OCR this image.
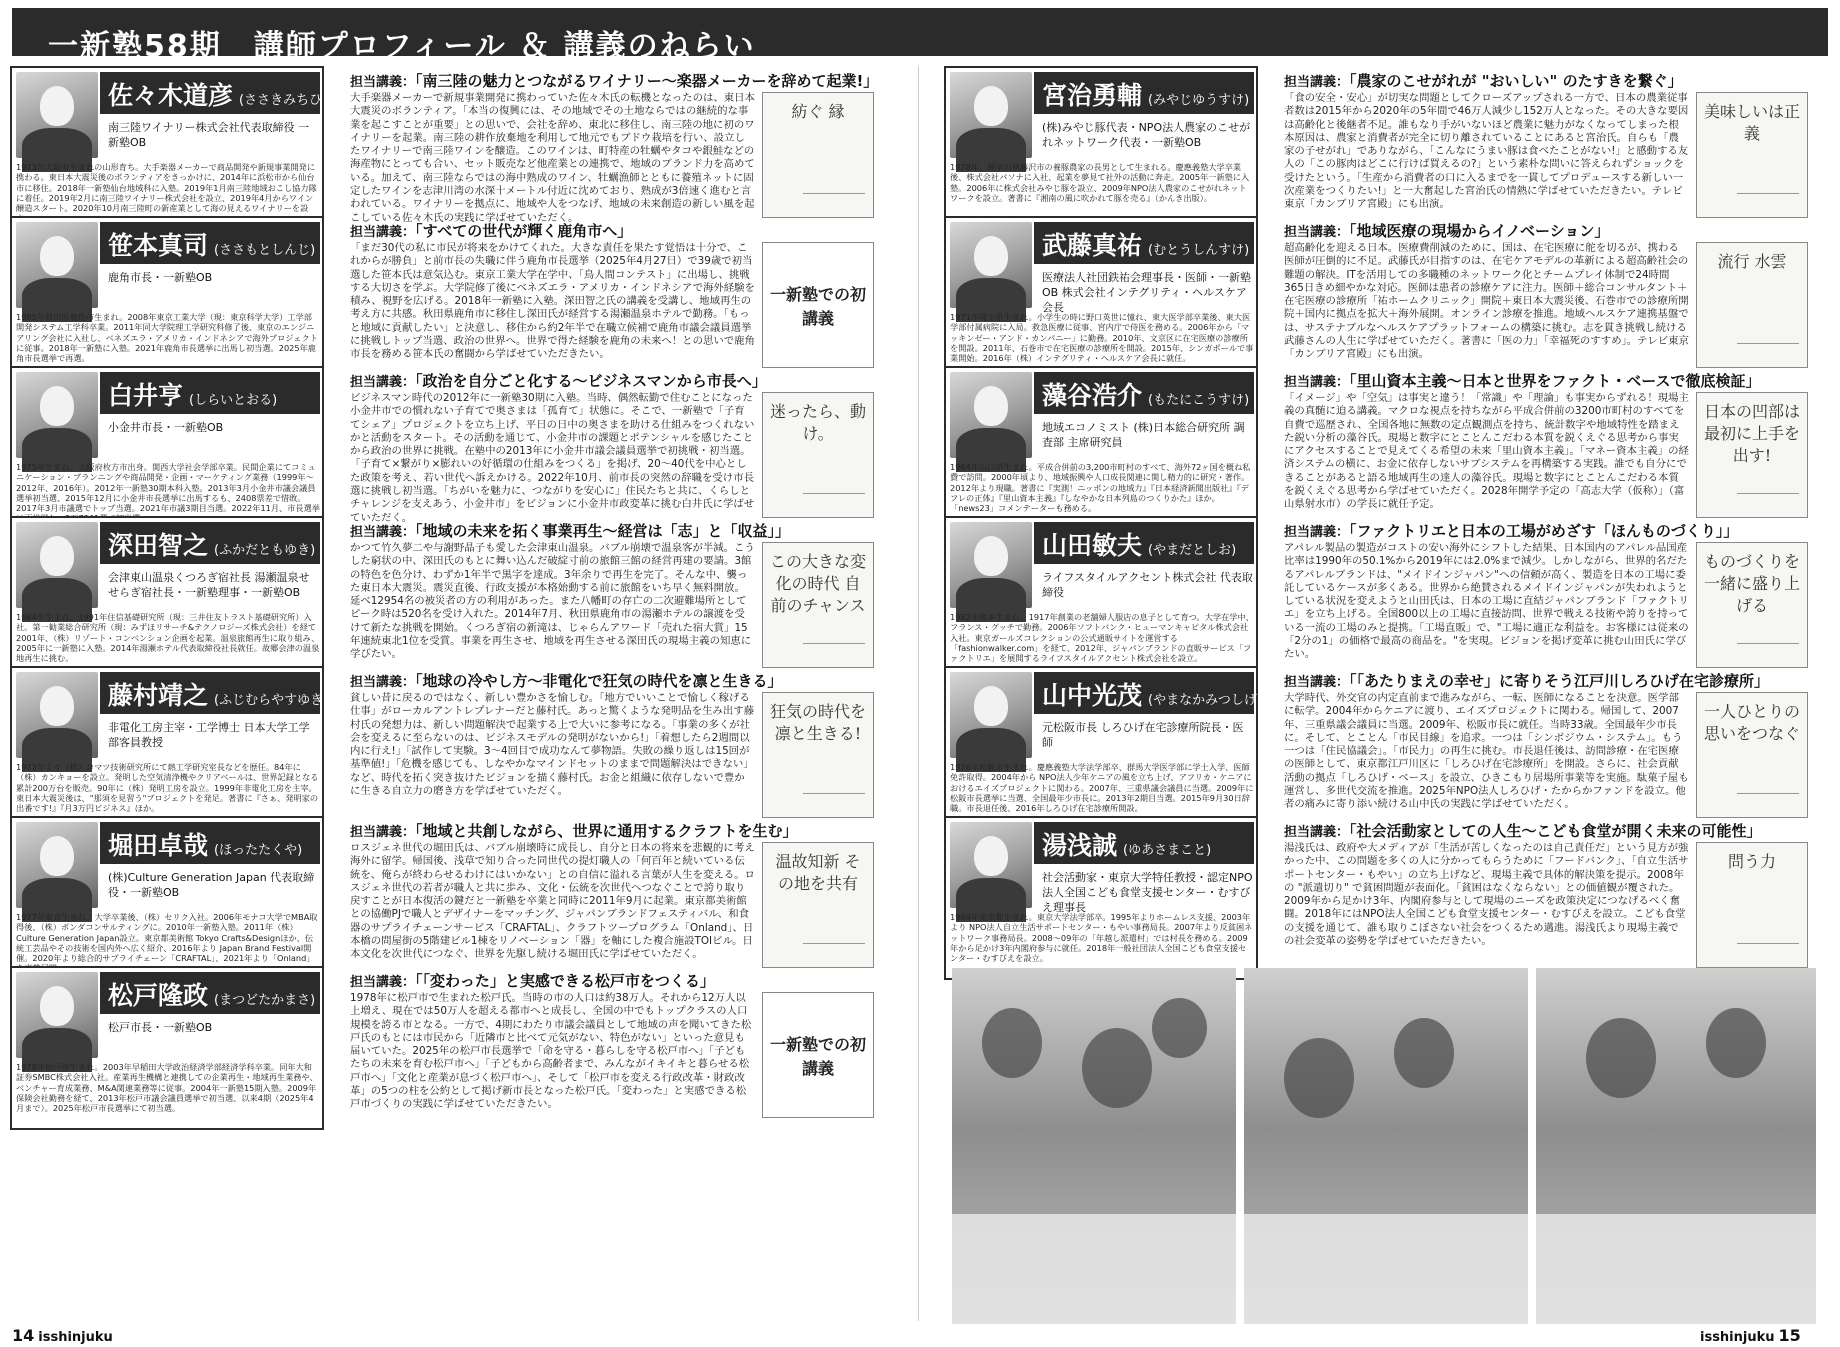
一新塾58期　講師プロフィール ＆ 講義のねらい
佐々木道彦 (ささきみちひこ)
南三陸ワイナリー株式会社代表取締役 一新塾OB
1973年大阪府生まれの山形育ち。大手楽器メーカーで商品開発や新規事業開発に携わる。東日本大震災後のボランティアをきっかけに、2014年に浜松市から仙台市に移住。2018年一新塾仙台地域科に入塾。2019年1月南三陸地域おこし協力隊に着任。2019年2月に南三陸ワイナリー株式会社を設立、2019年4月からワイン醸造スタート。2020年10月南三陸町の新産業として海の見えるワイナリーを設
担当講義：「南三陸の魅力とつながるワイナリー～楽器メーカーを辞めて起業!」
大手楽器メーカーで新規事業開発に携わっていた佐々木氏の転機となったのは、東日本大震災のボランティア。「本当の復興には、その地域でその土地ならではの継続的な事業を起こすことが重要」との思いで、会社を辞め、東北に移住し、南三陸の地に初のワイナリーを起業。南三陸の耕作放棄地を利用して地元でもブドウ栽培を行い、設立したワイナリーで南三陸ワインを醸造。このワインは、町特産の牡蠣やタコや銀鮭などの海産物にとっても合い、セット販売など他産業との連携で、地域のブランド力を高めている。加えて、南三陸ならではの海中熟成のワイン、牡蠣漁師とともに養殖ネットに固定したワインを志津川湾の水深十メートル付近に沈めており、熟成が3倍速く進むと言われている。ワイナリーを拠点に、地域や人をつなげ、地域の未来創造の新しい風を起こしている佐々木氏の実践に学ばせていただく。
紡ぐ 縁
笹本真司 (ささもとしんじ)
鹿角市長・一新塾OB
1985年秋田県鹿角市生まれ。2008年東京工業大学（現：東京科学大学）工学部開発システム工学科卒業。2011年同大学院理工学研究科修了後、東京のエンジニアリング会社に入社し、ベネズエラ・アメリカ・インドネシアで海外プロジェクトに従事。2018年一新塾に入塾。2021年鹿角市長選挙に出馬し初当選。2025年鹿角市長選挙で再選。
担当講義：「すべての世代が輝く鹿角市へ」
「まだ30代の私に市民が将来をかけてくれた。大きな責任を果たす覚悟は十分で、これからが勝負」と前市長の失職に伴う鹿角市長選挙（2025年4月27日）で39歳で初当選した笹本氏は意気込む。東京工業大学在学中、「鳥人間コンテスト」に出場し、挑戦する大切さを学ぶ。大学院修了後にベネズエラ・アメリカ・インドネシアで海外経験を積み、視野を広げる。2018年一新塾に入塾。深田智之氏の講義を受講し、地域再生の考え方に共感。秋田県鹿角市に移住し深田氏が経営する湯瀬温泉ホテルで勤務。「もっと地域に貢献したい」と決意し、移住から約2年半で在職立候補で鹿角市議会議員選挙に挑戦しトップ当選、政治の世界へ。世界で得た経験を鹿角の未来へ！との思いで鹿角市長を務める笹本氏の奮闘から学ばせていただきたい。
一新塾での初講義
白井亨 (しらいとおる)
小金井市長・一新塾OB
1975年生まれ。大阪府枚方市出身。関西大学社会学部卒業。民間企業にてコミュニケーション・プランニングや商品開発・企画・マーケティング業務（1999年～2012年、2016年）。2012年一新塾30期本科入塾。2013年3月小金井市議会議員選挙初当選、2015年12月に小金井市長選挙に出馬するも、2408票差で惜敗。2017年3月市議選でトップ当選。2021年市議3期目当選。2022年11月、市長選挙
担当講義：「政治を自分ごと化する～ビジネスマンから市長へ」
ビジネスマン時代の2012年に一新塾30期に入塾。当時、偶然転勤で住むことになった小金井市での慣れない子育てで奥さまは「孤育て」状態に。そこで、一新塾で「子育てシェア」プロジェクトを立ち上げ、平日の日中の奥さまを助ける仕組みをつくれないかと活動をスタート。その活動を通じて、小金井市の課題とポテンシャルを感じたことから政治の世界に挑戦。在塾中の2013年に小金井市議会議員選挙で初挑戦・初当選。「子育て×繋がり×膨れいの好循環の仕組みをつくる」を掲げ、20～40代を中心とした政策を考え、若い世代へ訴えかける。2022年10月、前市長の突然の辞職を受け市長選に挑戦し初当選。「ちがいを魅力に、つながりを安心に」住民たちと共に、くらしとチャレンジを支えあう、小金井市」をビジョンに小金井市政変革に挑む白井氏に学ばせていただく。
迷ったら、動け。
深田智之 (ふかだともゆき)
会津東山温泉くつろぎ宿社長 湯瀬温泉せせらぎ宿社長・一新塾理事・一新塾OB
1964年生まれ。1991年住信基礎研究所（現：三井住友トラスト基礎研究所）入社。第一勧業総合研究所（現：みずほリサーチ&テクノロジーズ株式会社）を経て2001年、（株）リゾート・コンベンション企画を起業。温泉旅館再生に取り組み、2005年に一新塾に入塾。2014年湯瀬ホテル代表取締役社長就任。故郷会津の温泉地再生に挑む。
担当講義：「地域の未来を拓く事業再生～経営は「志」と「収益」」
かつて竹久夢二や与謝野晶子も愛した会津東山温泉。バブル崩壊で温泉客が半減。こうした窮状の中、深田氏のもとに舞い込んだ破綻寸前の旅館三館の経営再建の要請。3館の特色を色分け、わずか1年半で黒字を達成。3年余りで再生を完了。そんな中、襲った東日本大震災。震災直後、行政支援が本格始動する前に旅館をいち早く無料開放。延べ12954名の被災者の方の利用があった。また八幡町の存亡の二次避難場所としてピーク時は520名を受け入れた。2014年7月、秋田県鹿角市の湯瀬ホテルの譲渡を受けて新たな挑戦を開始。くつろぎ宿の新滝は、じゃらんアワード「売れた宿大賞」15年連続東北1位を受賞。事業を再生させ、地域を再生させる深田氏の現場主義の知恵に学びたい。
この大きな変化の時代 自前のチャンス
藤村靖之 (ふじむらやすゆき)
非電化工房主宰・工学博士 日本大学工学部客員教授
1973年より（株）コマツ技術研究所にて熱工学研究室長などを歴任。84年に（株）カンキョーを設立。発明した空気清浄機やクリアベールは、世界記録となる累計200万台を販売。90年に（株）発明工房を設立。1999年非電化工房を主宰。東日本大震災後は、"那須を見習う"プロジェクトを発足。著書に『さぁ、発明家の出番です!』『月3万円ビジネス』ほか。
担当講義：「地球の冷やし方～非電化で狂気の時代を凛と生きる」
貧しい昔に戻るのではなく、新しい豊かさを愉しむ。「地方でいいことで愉しく稼げる仕事」がローカルアントレプレナーだと藤村氏。あっと驚くような発明品を生み出す藤村氏の発想力は、新しい問題解決で起業する上で大いに参考になる。「事業の多くが社会を変えるに至らないのは、ビジネスモデルの発明がないから!」「着想したら2週間以内に行え!」「試作して実験。3～4回目で成功なんて夢物語。失敗の繰り返しは15回が基準値!」「危機を感じても、しなやかなマインドセットのままで問題解決はできない」など、時代を拓く突き抜けたビジョンを描く藤村氏。お金と組織に依存しないで豊かに生きる自立力の磨き方を学ばせていただく。
狂気の時代を凛と生きる!
堀田卓哉 (ほったたくや)
(株)Culture Generation Japan 代表取締役・一新塾OB
1977年東京生まれ。大学卒業後、（株）セリク入社。2006年モナコ大学でMBA取得後、（株）ポンダコンサルティングに。2010年一新塾入塾。2011年（株）Culture Generation Japan設立。東京都美術館 Tokyo Crafts&Designほか、伝統工芸品やその技術を国内外へ広く紹介、2016年より Japan Brand Festival開催。2020年より総合的サプライチェーン「CRAFTAL」、2021年より「Onland」
担当講義：「地域と共創しながら、世界に通用するクラフトを生む」
ロスジェネ世代の堀田氏は、バブル崩壊時に成長し、自分と日本の将来を悲観的に考え海外に留学。帰国後、浅草で知り合った同世代の提灯職人の「何百年と続いている伝統を、俺らが終わらせるわけにはいかない」との自信に溢れる言葉が人生を変える。ロスジェネ世代の若者が職人と共に歩み、文化・伝統を次世代へつなぐことで誇り取り戻すことが日本復活の鍵だと一新塾を卒業と同時に2011年9月に起業。東京都美術館との協働PJで職人とデザイナーをマッチング、ジャパンブランドフェスティバル、和食器のサプライチェーンサービス「CRAFTAL」、クラフトツープログラム「Onland」、日本橋の問屋街の5階建ビル1棟をリノベーション「器」を軸にした複合施設TOIビル。日本文化を次世代につなぐ、世界を先駆し続ける堀田氏に学ばせていただく。
温故知新 その地を共有
松戸隆政 (まつどたかまさ)
松戸市長・一新塾OB
1978年松戸市生まれ。2003年早稲田大学政治経済学部経済学科卒業。同年大和証券SMBC株式会社入社。産業再生機構と連携しての企業再生・地域再生業務や、ベンチャー育成業務、M&A関連業務等に従事。2004年一新塾15期入塾。2009年保険会社勤務を経て、2013年松戸市議会議員選挙で初当選、以来4期（2025年4月まで）。2025年松戸市長選挙にて初当選。
担当講義：「「変わった」と実感できる松戸市をつくる」
1978年に松戸市で生まれた松戸氏。当時の市の人口は約38万人。それから12万人以上増え、現在では50万人を超える都市へと成長し、全国の中でもトップクラスの人口規模を誇る市となる。一方で、4期にわたり市議会議員として地域の声を聞いてきた松戸氏のもとには市民から「近隣市と比べて元気がない、特色がない」といった意見も届いていた。2025年の松戸市長選挙で「命を守る・暮らしを守る松戸市へ」「子どもたちの未来を育む松戸市へ」「子どもから高齢者まで、みんながイキイキと暮らせる松戸市へ」「文化と産業が息づく松戸市へ」、そして「松戸市を変える行政改革・財政改革」の5つの柱を公約として掲げ新市長となった松戸氏。「変わった」と実感できる松戸市づくりの実践に学ばせていただきたい。
一新塾での初講義
宮治勇輔 (みやじゆうすけ)
(株)みやじ豚代表・NPO法人農家のこせがれネットワーク代表・一新塾OB
1978年、神奈川県藤沢市の養豚農家の長男として生まれる。慶應義塾大学卒業後、株式会社パソナに入社、起業を夢見て社外の活動に奔走。2005年一新塾に入塾。2006年に株式会社みやじ豚を設立、2009年NPO法人農家のこせがれネットワークを設立。著書に『湘南の風に吹かれて豚を売る』（かんき出版）。
担当講義：「農家のこせがれが "おいしい" のたすきを繋ぐ」
「食の安全・安心」が切実な問題としてクローズアップされる一方で、日本の農業従事者数は2015年から2020年の5年間で46万人減少し152万人となった。その大きな要因は高齢化と後継者不足。誰もなり手がいないほど農業に魅力がなくなってしまった根本原因は、農家と消費者が完全に切り離されていることにあると宮治氏。自らも「農家の子せがれ」でありながら、「こんなにうまい豚は食べたことがない!」と感動する友人の「この豚肉はどこに行けば買えるの?」という素朴な問いに答えられずショックを受けたという。「生産から消費者の口に入るまでを一貫してプロデュースする新しい一次産業をつくりたい!」と一大奮起した宮治氏の情熱に学ばせていただきたい。テレビ東京「カンブリア宮殿」にも出演。
美味しいは正義
武藤真祐 (むとうしんすけ)
医療法人社団鉄祐会理事長・医師・一新塾OB 株式会社インテグリティ・ヘルスケア会長
1971年埼玉県生まれ。小学生の時に野口英世に憧れ、東大医学部卒業後、東大医学部付属病院に入局。救急医療に従事、宮内庁で侍医を務める。2006年から「マッキンゼー・アンド・カンパニー」に勤務。2010年、文京区に在宅医療の診療所を開設。2011年、石巻市で在宅医療の診療所を開設。2015年、シンガポールで事業開始。2016年（株）インテグリティ・ヘルスケア会長に就任。
担当講義：「地域医療の現場からイノベーション」
超高齢化を迎える日本。医療費削減のために、国は、在宅医療に舵を切るが、携わる医師が圧倒的に不足。武藤氏が目指すのは、在宅ケアモデルの革新による超高齢社会の難題の解決。ITを活用しての多職種のネットワーク化とチームプレイ体制で24時間365日きめ細やかな対応。医師は患者の診療ケアに注力。医師＋総合コンサルタント＋在宅医療の診療所「祐ホームクリニック」開院＋東日本大震災後、石巻市での診療所開院＋国内に拠点を拡大＋海外展開。オンライン診療を推進。地域ヘルスケア連携基盤では、サステナブルなヘルスケアプラットフォームの構築に挑む。志を貫き挑戦し続ける武藤さんの人生に学ばせていただく。著書に「医の力」「幸福死のすすめ」。テレビ東京「カンブリア宮殿」にも出演。
流行 水雲
藻谷浩介 (もたにこうすけ)
地域エコノミスト (株)日本総合研究所 調査部 主席研究員
1964年山口県生まれ。平成合併前の3,200市町村のすべて、海外72ヶ国を概ね私費で訪問。2000年頃より、地域振興や人口成長関連に関し精力的に研究・著作。2012年より現職。著書に『実測！ニッポンの地域力』『日本経済新聞出版社』『デフレの正体』『里山資本主義』『しなやかな日本列島のつくりかた』ほか。「news23」コメンテーターも務める。
担当講義：「里山資本主義～日本と世界をファクト・ベースで徹底検証」
「イメージ」や「空気」は事実と違う！「常識」や「理論」も事実からずれる！現場主義の真髄に迫る講義。マクロな視点を持ちながら平成合併前の3200市町村のすべてを自費で巡歴され、全国各地に無数の定点観測点を持ち、統計数字や地域特性を踏まえた鋭い分析の藻谷氏。現場と数字にとことんこだわる本質を鋭くえぐる思考から事実にアクセスすることで見えてくる希望の未来「里山資本主義」。「マネー資本主義」の経済システムの横に、お金に依存しないサブシステムを再構築する実践。誰でも自分にできることがあると語る地域再生の達人の藻谷氏。現場と数字にとことんこだわる本質を鋭くえぐる思考から学ばせていただく。2028年開学予定の「高志大学（仮称）」（富山県射水市）の学長に就任予定。
日本の凹部は最初に上手を出す!
山田敏夫 (やまだとしお)
ライフスタイルアクセント株式会社 代表取締役
1982年熊本生まれ。1917年創業の老舗婦人服店の息子として育つ。大学在学中、フランス・グッチで勤務。2006年ソフトバンク・ヒューマンキャピタル株式会社入社。東京ガールズコレクションの公式通販サイトを運営する「fashionwalker.com」を経て、2012年、ジャパンブランドの直販サービス「ファクトリエ」を展開するライフスタイルアクセント株式会社を設立。
担当講義：「ファクトリエと日本の工場がめざす「ほんものづくり」」
アパレル製品の製造がコストの安い海外にシフトした結果、日本国内のアパレル品国産比率は1990年の50.1%から2019年には2.0%まで減少。しかしながら、世界的名だたるアパレルブランドは、"メイドインジャパン"への信頼が高く、製造を日本の工場に委託しているケースが多くある。世界から絶賛されるメイドインジャパンが失われようとしている状況を変えようと山田氏は、日本の工場に直結ジャパンブランド「ファクトリエ」を立ち上げる。全国800以上の工場に直接訪問、世界で戦える技術や誇りを持っている一流の工場のみと提携。「工場直販」で、"工場に適正な利益を。お客様には従来の「2分の1」の価格で最高の商品を。"を実現。ビジョンを掲げ変革に挑む山田氏に学びたい。
ものづくりを一緒に盛り上げる
山中光茂 (やまなかみつしげ)
元松阪市長 しろひげ在宅診療所院長・医師
1976年松阪市生まれ。慶應義塾大学法学部卒、群馬大学医学部に学士入学、医師免許取得。2004年から NPO法人少年ケニアの風を立ち上げ、アフリカ・ケニアにおけるエイズプロジェクトに関わる。2007年、三重県議会議員に当選。2009年に松阪市長選挙に当選、全国最年少市長に。2013年2期目当選。2015年9月30日辞職。市長退任後、2016年しろひげ在宅診療所開設。
担当講義：「「あたりまえの幸せ」に寄りそう江戸川しろひげ在宅診療所」
大学時代、外交官の内定直前まで進みながら、一転、医師になることを決意。医学部に転学。2004年からケニアに渡り、エイズプロジェクトに関わる。帰国して、2007年、三重県議会議員に当選。2009年、松阪市長に就任。当時33歳。全国最年少市長に。そして、とことん「市民目線」を追求。一つは「シンボジウム・システム」。もう一つは「住民協議会」。「市民力」の再生に挑む。市長退任後は、訪問診療・在宅医療の医師として、東京都江戸川区に「しろひげ在宅診療所」を開設。さらに、社会貢献活動の拠点「しろひげ・ベース」を設立、ひきこもり居場所事業等を実施。駄菓子屋も運営し、多世代交流を推進。2025年NPO法人しろひげ・たからかファンドを設立。他者の痛みに寄り添い続ける山中氏の実践に学ばせていただく。
一人ひとりの思いをつなぐ
湯浅誠 (ゆあさまこと)
社会活動家・東京大学特任教授・認定NPO法人全国こども食堂支援センター・むすびえ理事長
1969年東京都生まれ。東京大学法学部卒。1995年よりホームレス支援、2003年より NPO法人自立生活サポートセンター・もやい事務局長。2007年より反貧困ネットワーク事務局長。2008～09年の「年越し派遣村」では村長を務める。2009年から足かけ3年内閣府参与に就任。2018年一般社団法人全国こども食堂支援センター・むすびえを設立。
担当講義：「社会活動家としての人生～こども食堂が開く未来の可能性」
湯浅氏は、政府や大メディアが「生活が苦しくなったのは自己責任だ」という見方が強かった中、この問題を多くの人に分かってもらうために「フードバンク」、「自立生活サポートセンター・もやい」の立ち上げなど、現場主義で具体的解決策を提示。2008年の "派遣切り" で貧困問題が表面化。「貧困はなくならない」との価値観が覆された。2009年から足かけ3年、内閣府参与として現場のニーズを政策決定につなげるべく奮闘。2018年にはNPO法人全国こども食堂支援センター・むすびえを設立。こども食堂の支援を通じて、誰も取りこぼさない社会をつくるため邁進。湯浅氏より現場主義での社会変革の姿勢を学ばせていただきたい。
問う力
14 isshinjuku	isshinjuku 15
